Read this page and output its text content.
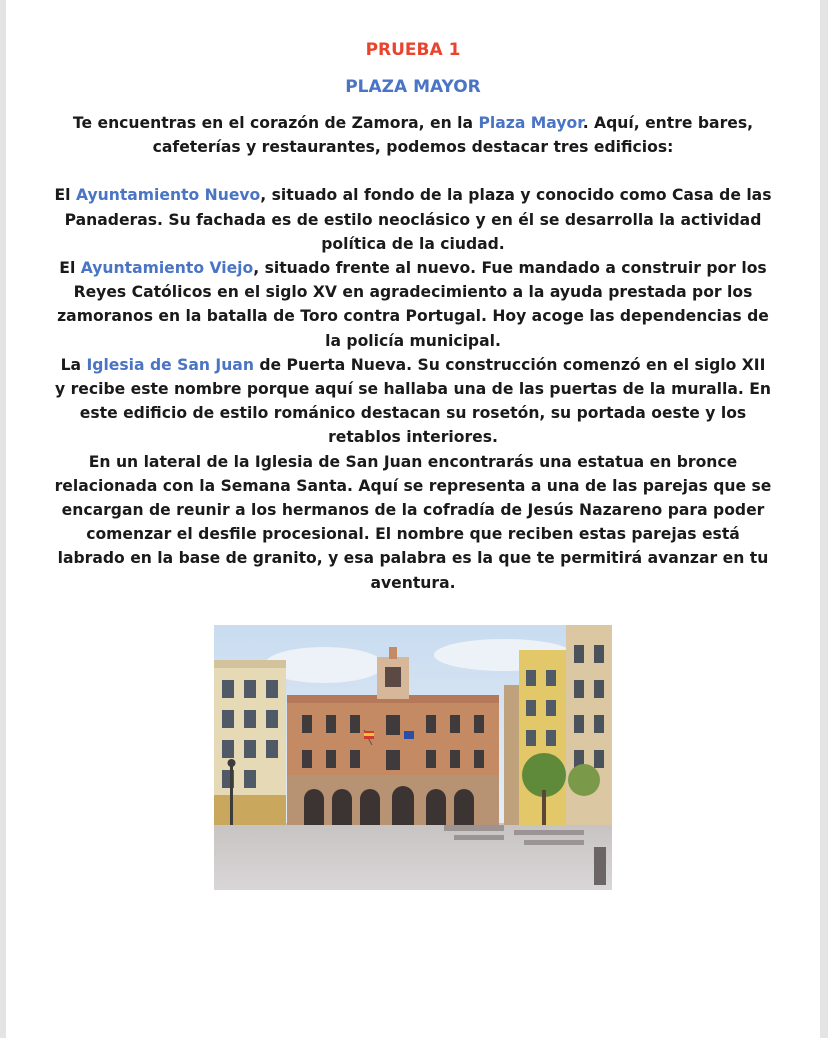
PRUEBA 1
PLAZA MAYOR

Te encuentras en el corazón de Zamora, en la Plaza Mayor. Aquí, entre bares, cafeterías y restaurantes, podemos destacar tres edificios:

El Ayuntamiento Nuevo, situado al fondo de la plaza y conocido como Casa de las Panaderas. Su fachada es de estilo neoclásico y en él se desarrolla la actividad política de la ciudad.

El Ayuntamiento Viejo, situado frente al nuevo. Fue mandado a construir por los Reyes Católicos en el siglo XV en agradecimiento a la ayuda prestada por los zamoranos en la batalla de Toro contra Portugal. Hoy acoge las dependencias de la policía municipal.

La Iglesia de San Juan de Puerta Nueva. Su construcción comenzó en el siglo XII y recibe este nombre porque aquí se hallaba una de las puertas de la muralla. En este edificio de estilo románico destacan su rosetón, su portada oeste y los retablos interiores.

En un lateral de la Iglesia de San Juan encontrarás una estatua en bronce relacionada con la Semana Santa. Aquí se representa a una de las parejas que se encargan de reunir a los hermanos de la cofradía de Jesús Nazareno para poder comenzar el desfile procesional. El nombre que reciben estas parejas está labrado en la base de granito, y esa palabra es la que te permitirá avanzar en tu aventura.
